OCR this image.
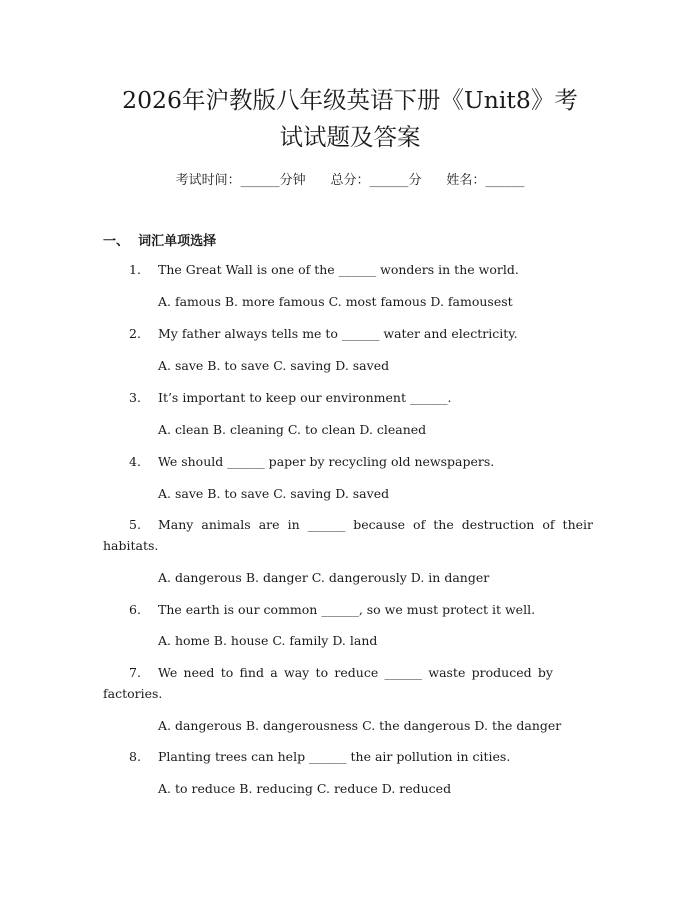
2026年沪教版八年级英语下册《Unit8》考
试试题及答案
考试时间：______分钟 总分：______分 姓名：______
一、 词汇单项选择
1. The Great Wall is one of the ______ wonders in the world.
A. famous B. more famous C. most famous D. famousest
2. My father always tells me to ______ water and electricity.
A. save B. to save C. saving D. saved
3. It’s important to keep our environment ______.
A. clean B. cleaning C. to clean D. cleaned
4. We should ______ paper by recycling old newspapers.
A. save B. to save C. saving D. saved
5. Many animals are in ______ because of the destruction of their habitats.
A. dangerous B. danger C. dangerously D. in danger
6. The earth is our common ______, so we must protect it well.
A. home B. house C. family D. land
7. We need to find a way to reduce ______ waste produced by factories.
A. dangerous B. dangerousness C. the dangerous D. the danger
8. Planting trees can help ______ the air pollution in cities.
A. to reduce B. reducing C. reduce D. reduced
